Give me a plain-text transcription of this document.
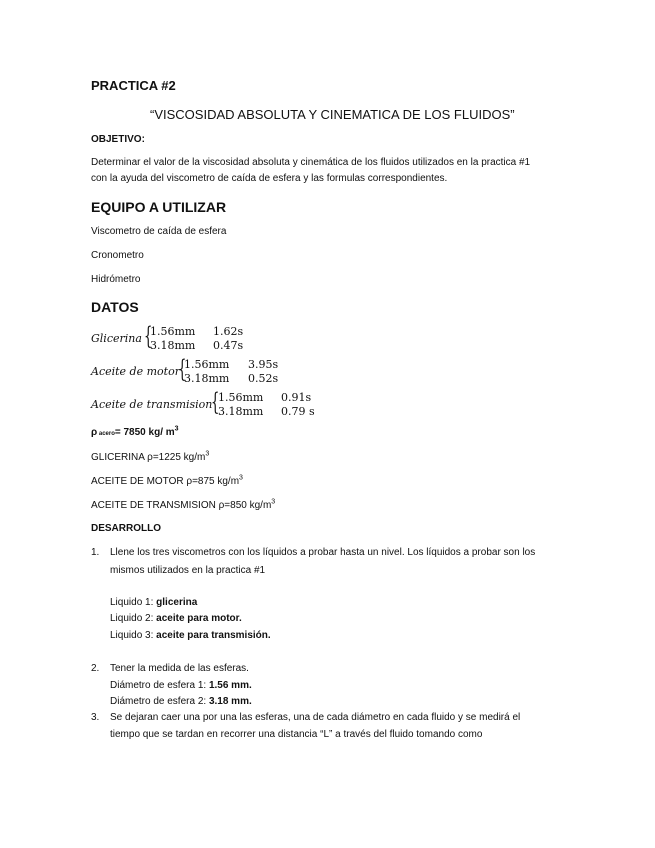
PRACTICA #2
“VISCOSIDAD ABSOLUTA Y CINEMATICA DE LOS FLUIDOS”
OBJETIVO:
Determinar el valor de la viscosidad absoluta y cinemática de los fluidos utilizados en la practica #1
con la ayuda del viscometro de caída de esfera y las formulas correspondientes.
EQUIPO A UTILIZAR
Viscometro de caída de esfera
Cronometro
Hidrómetro
DATOS
Glicerina {
1.56mm 1.62s
3.18mm 0.47s
Aceite de motor
{
1.56mm 3.95s
3.18mm 0.52s
Aceite de transmision
{
1.56mm 0.91s
3.18mm 0.79 s
ρ acero= 7850 kg/ $m^3$
GLICERINA ρ=1225 $kg/m^3$
ACEITE DE MOTOR ρ=875 $kg/m^3$
ACEITE DE TRANSMISION ρ=850 $kg/m^3$
DESARROLLO
1. Llene los tres viscometros con los líquidos a probar hasta un nivel. Los líquidos a probar son los
mismos utilizados en la practica #1
Liquido 1: glicerina
Liquido 2: aceite para motor.
Liquido 3: aceite para transmisión.
2. Tener la medida de las esferas.
Diámetro de esfera 1: 1.56 mm.
Diámetro de esfera 2: 3.18 mm.
3. Se dejaran caer una por una las esferas, una de cada diámetro en cada fluido y se medirá el
tiempo que se tardan en recorrer una distancia “L” a través del fluido tomando como
